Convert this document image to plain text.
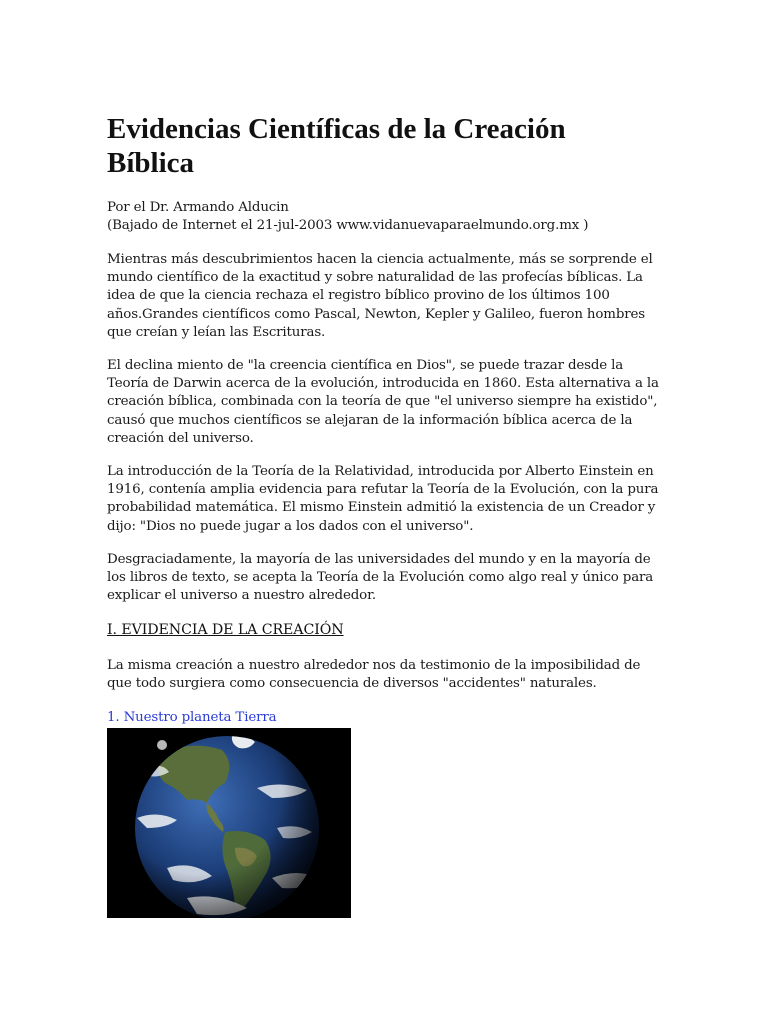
Evidencias Científicas de la Creación Bíblica
Por el Dr. Armando Alducin
(Bajado de Internet el 21-jul-2003 www.vidanuevaparaelmundo.org.mx )

Mientras más descubrimientos hacen la ciencia actualmente, más se sorprende el mundo científico de la exactitud y sobre naturalidad de las profecías bíblicas. La idea de que la ciencia rechaza el registro bíblico provino de los últimos 100 años.Grandes científicos como Pascal, Newton, Kepler y Galileo, fueron hombres que creían y leían las Escrituras.

El declina miento de "la creencia científica en Dios", se puede trazar desde la Teoría de Darwin acerca de la evolución, introducida en 1860. Esta alternativa a la creación bíblica, combinada con la teoría de que "el universo siempre ha existido", causó que muchos científicos se alejaran de la información bíblica acerca de la creación del universo.

La introducción de la Teoría de la Relatividad, introducida por Alberto Einstein en 1916, contenía amplia evidencia para refutar la Teoría de la Evolución, con la pura probabilidad matemática. El mismo Einstein admitió la existencia de un Creador y dijo: "Dios no puede jugar a los dados con el universo".

Desgraciadamente, la mayoría de las universidades del mundo y en la mayoría de los libros de texto, se acepta la Teoría de la Evolución como algo real y único para explicar el universo a nuestro alrededor.

I. EVIDENCIA DE LA CREACIÓN

La misma creación a nuestro alrededor nos da testimonio de la imposibilidad de que todo surgiera como consecuencia de diversos "accidentes" naturales.

1. Nuestro planeta Tierra
